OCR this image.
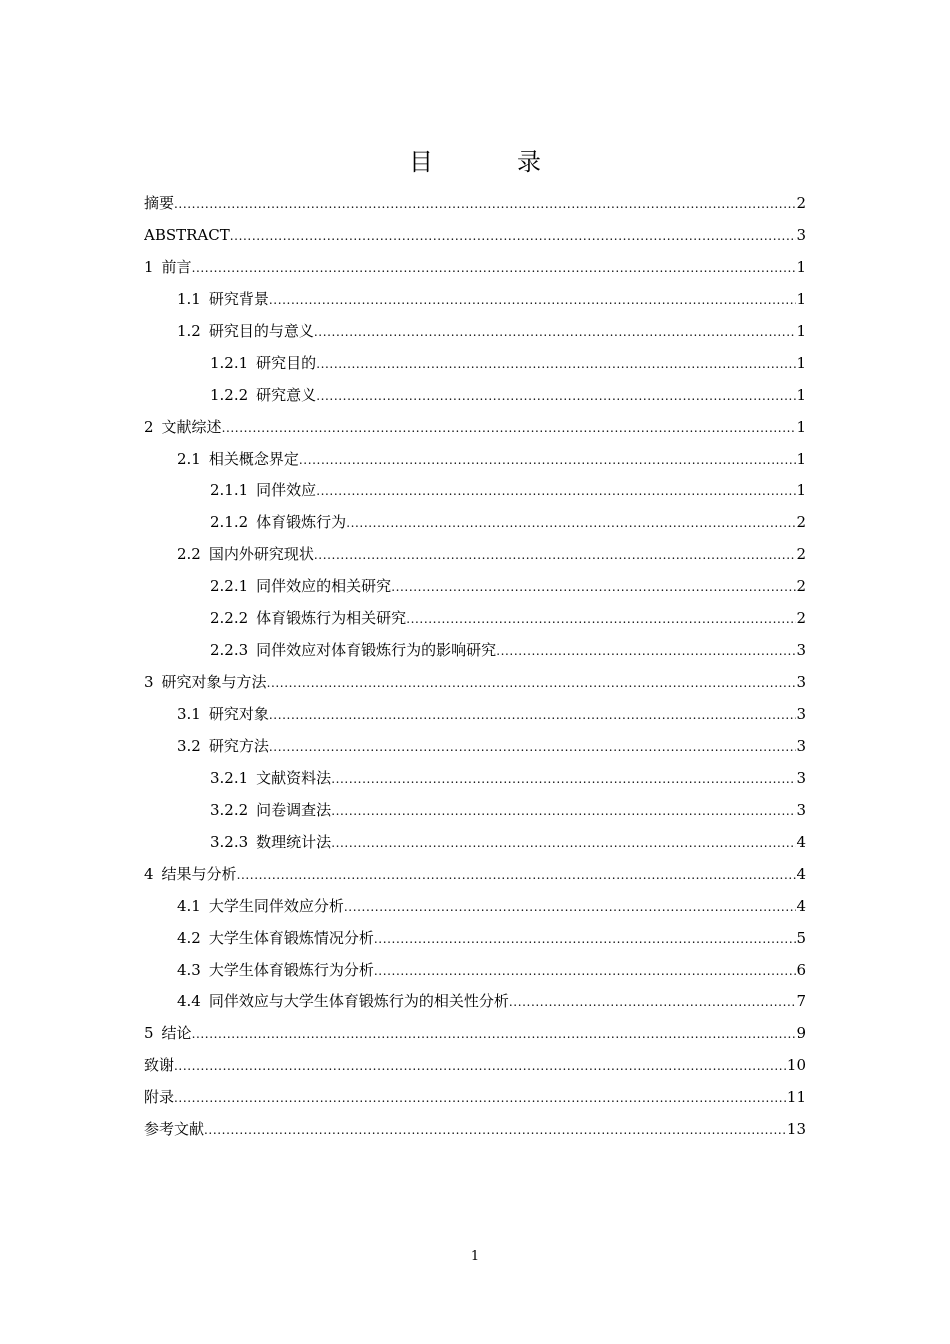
目　录
摘要 .....	2
ABSTRACT .....	3
1 前言 .....	1
1.1 研究背景 .....	1
1.2 研究目的与意义 .....	1
1.2.1 研究目的 .....	1
1.2.2 研究意义 .....	1
2 文献综述 .....	1
2.1 相关概念界定 .....	1
2.1.1 同伴效应 .....	1
2.1.2 体育锻炼行为 .....	2
2.2 国内外研究现状 .....	2
2.2.1 同伴效应的相关研究 .....	2
2.2.2 体育锻炼行为相关研究 .....	2
2.2.3 同伴效应对体育锻炼行为的影响研究 .....	3
3 研究对象与方法 .....	3
3.1 研究对象 .....	3
3.2 研究方法 .....	3
3.2.1 文献资料法 .....	3
3.2.2 问卷调查法 .....	3
3.2.3 数理统计法 .....	4
4 结果与分析 .....	4
4.1 大学生同伴效应分析 .....	4
4.2 大学生体育锻炼情况分析 .....	5
4.3 大学生体育锻炼行为分析 .....	6
4.4 同伴效应与大学生体育锻炼行为的相关性分析 .....	7
5 结论 .....	9
致谢 .....	10
附录 .....	11
参考文献 .....	13
1
